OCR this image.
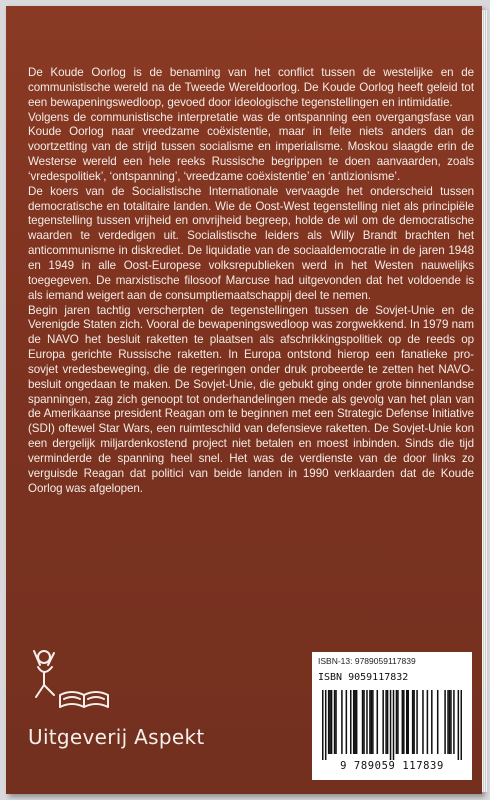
De Koude Oorlog is de benaming van het conflict tussen de westelijke en de communistische wereld na de Tweede Wereldoorlog. De Koude Oorlog heeft geleid tot een bewapeningswedloop, gevoed door ideologische tegenstellingen en intimidatie.

Volgens de communistische interpretatie was de ontspanning een overgangsfase van Koude Oorlog naar vreedzame coëxistentie, maar in feite niets anders dan de voortzetting van de strijd tussen socialisme en imperialisme. Moskou slaagde erin de Westerse wereld een hele reeks Russische begrippen te doen aanvaarden, zoals ‘vredespolitiek’, ‘ontspanning’, ‘vreedzame coëxistentie’ en ‘antizionisme’.

De koers van de Socialistische Internationale vervaagde het onderscheid tussen democratische en totalitaire landen. Wie de Oost-West tegenstelling niet als principiële tegenstelling tussen vrijheid en onvrijheid begreep, holde de wil om de democratische waarden te verdedigen uit. Socialistische leiders als Willy Brandt brachten het anticommunisme in diskrediet. De liquidatie van de sociaaldemocratie in de jaren 1948 en 1949 in alle Oost-Europese volksrepublieken werd in het Westen nauwelijks toegegeven. De marxistische filosoof Marcuse had uitgevonden dat het voldoende is als iemand weigert aan de consumptiemaatschappij deel te nemen.

Begin jaren tachtig verscherpten de tegenstellingen tussen de Sovjet-Unie en de Verenigde Staten zich. Vooral de bewapeningswedloop was zorgwekkend. In 1979 nam de NAVO het besluit raketten te plaatsen als afschrikkingspolitiek op de reeds op Europa gerichte Russische raketten. In Europa ontstond hierop een fanatieke pro-sovjet vredesbeweging, die de regeringen onder druk probeerde te zetten het NAVO-besluit ongedaan te maken. De Sovjet-Unie, die gebukt ging onder grote binnenlandse spanningen, zag zich genoopt tot onderhandelingen mede als gevolg van het plan van de Amerikaanse president Reagan om te beginnen met een Strategic Defense Initiative (SDI) oftewel Star Wars, een ruimteschild van defensieve raketten. De Sovjet-Unie kon een dergelijk miljardenkostend project niet betalen en moest inbinden. Sinds die tijd verminderde de spanning heel snel. Het was de verdienste van de door links zo verguisde Reagan dat politici van beide landen in 1990 verklaarden dat de Koude Oorlog was afgelopen.

Uitgeverij Aspekt
ISBN-13: 9789059117839
ISBN 9059117832
9 789059 117839
